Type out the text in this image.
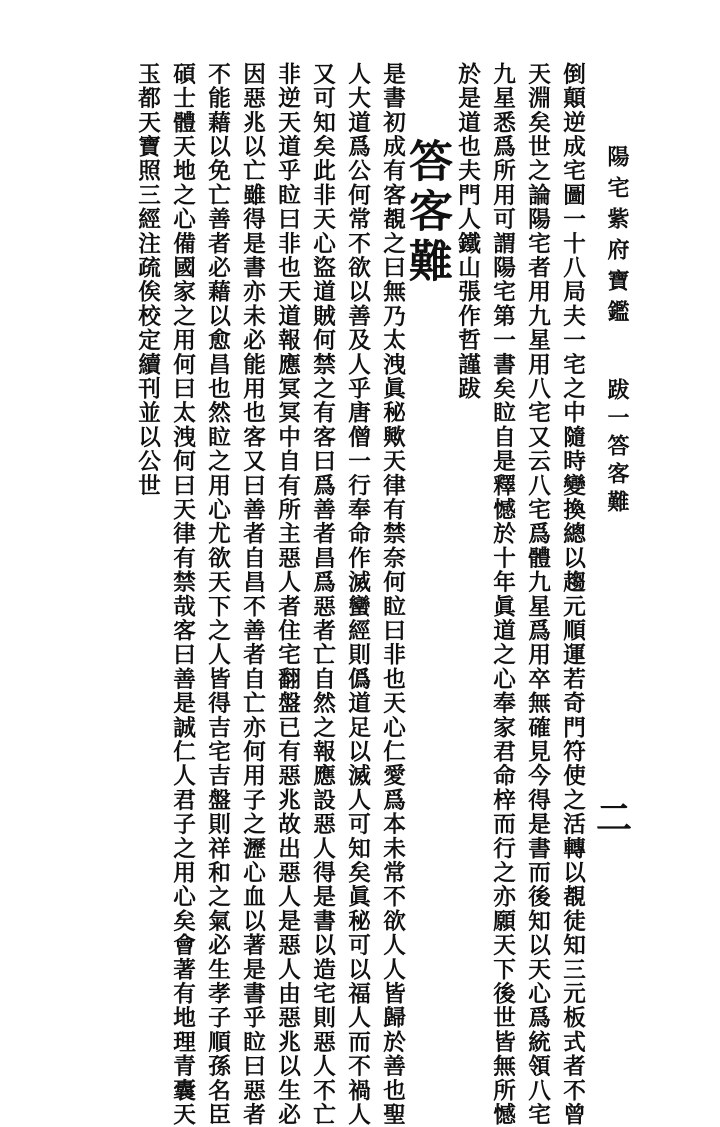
陽宅紫府寶鑑
跋一答客難
二
倒顛逆成宅圖一十八局夫一宅之中隨時變換總以趨元順運若奇門符使之活轉以覩徒知三元板式者不曾
天淵矣世之論陽宅者用九星用八宅又云八宅爲體九星爲用卒無確見今得是書而後知以天心爲統領八宅
九星悉爲所用可謂陽宅第一書矣𥅈自是釋憾於十年眞道之心奉家君命梓而行之亦願天下後世皆無所憾
於是道也夫門人鐵山張作哲謹跋
答客難
是書初成有客覩之曰無乃太洩眞秘歟天律有禁奈何𥅈曰非也天心仁愛爲本未常不欲人人皆歸於善也聖
人大道爲公何常不欲以善及人乎唐僧一行奉命作滅蠻經則僞道足以滅人可知矣眞秘可以福人而不禍人
又可知矣此非天心盜道賊何禁之有客曰爲善者昌爲惡者亡自然之報應設惡人得是書以造宅則惡人不亡
非逆天道乎𥅈曰非也天道報應冥冥中自有所主惡人者住宅翻盤已有惡兆故出惡人是惡人由惡兆以生必
因惡兆以亡雖得是書亦未必能用也客又曰善者自昌不善者自亡亦何用子之瀝心血以著是書乎𥅈曰惡者
不能藉以免亡善者必藉以愈昌也然𥅈之用心尤欲天下之人皆得吉宅吉盤則祥和之氣必生孝子順孫名臣
碩士體天地之心備國家之用何曰太洩何曰天律有禁哉客曰善是誠仁人君子之用心矣會著有地理青囊天
玉都天寶照三經注疏俟校定續刊並以公世
